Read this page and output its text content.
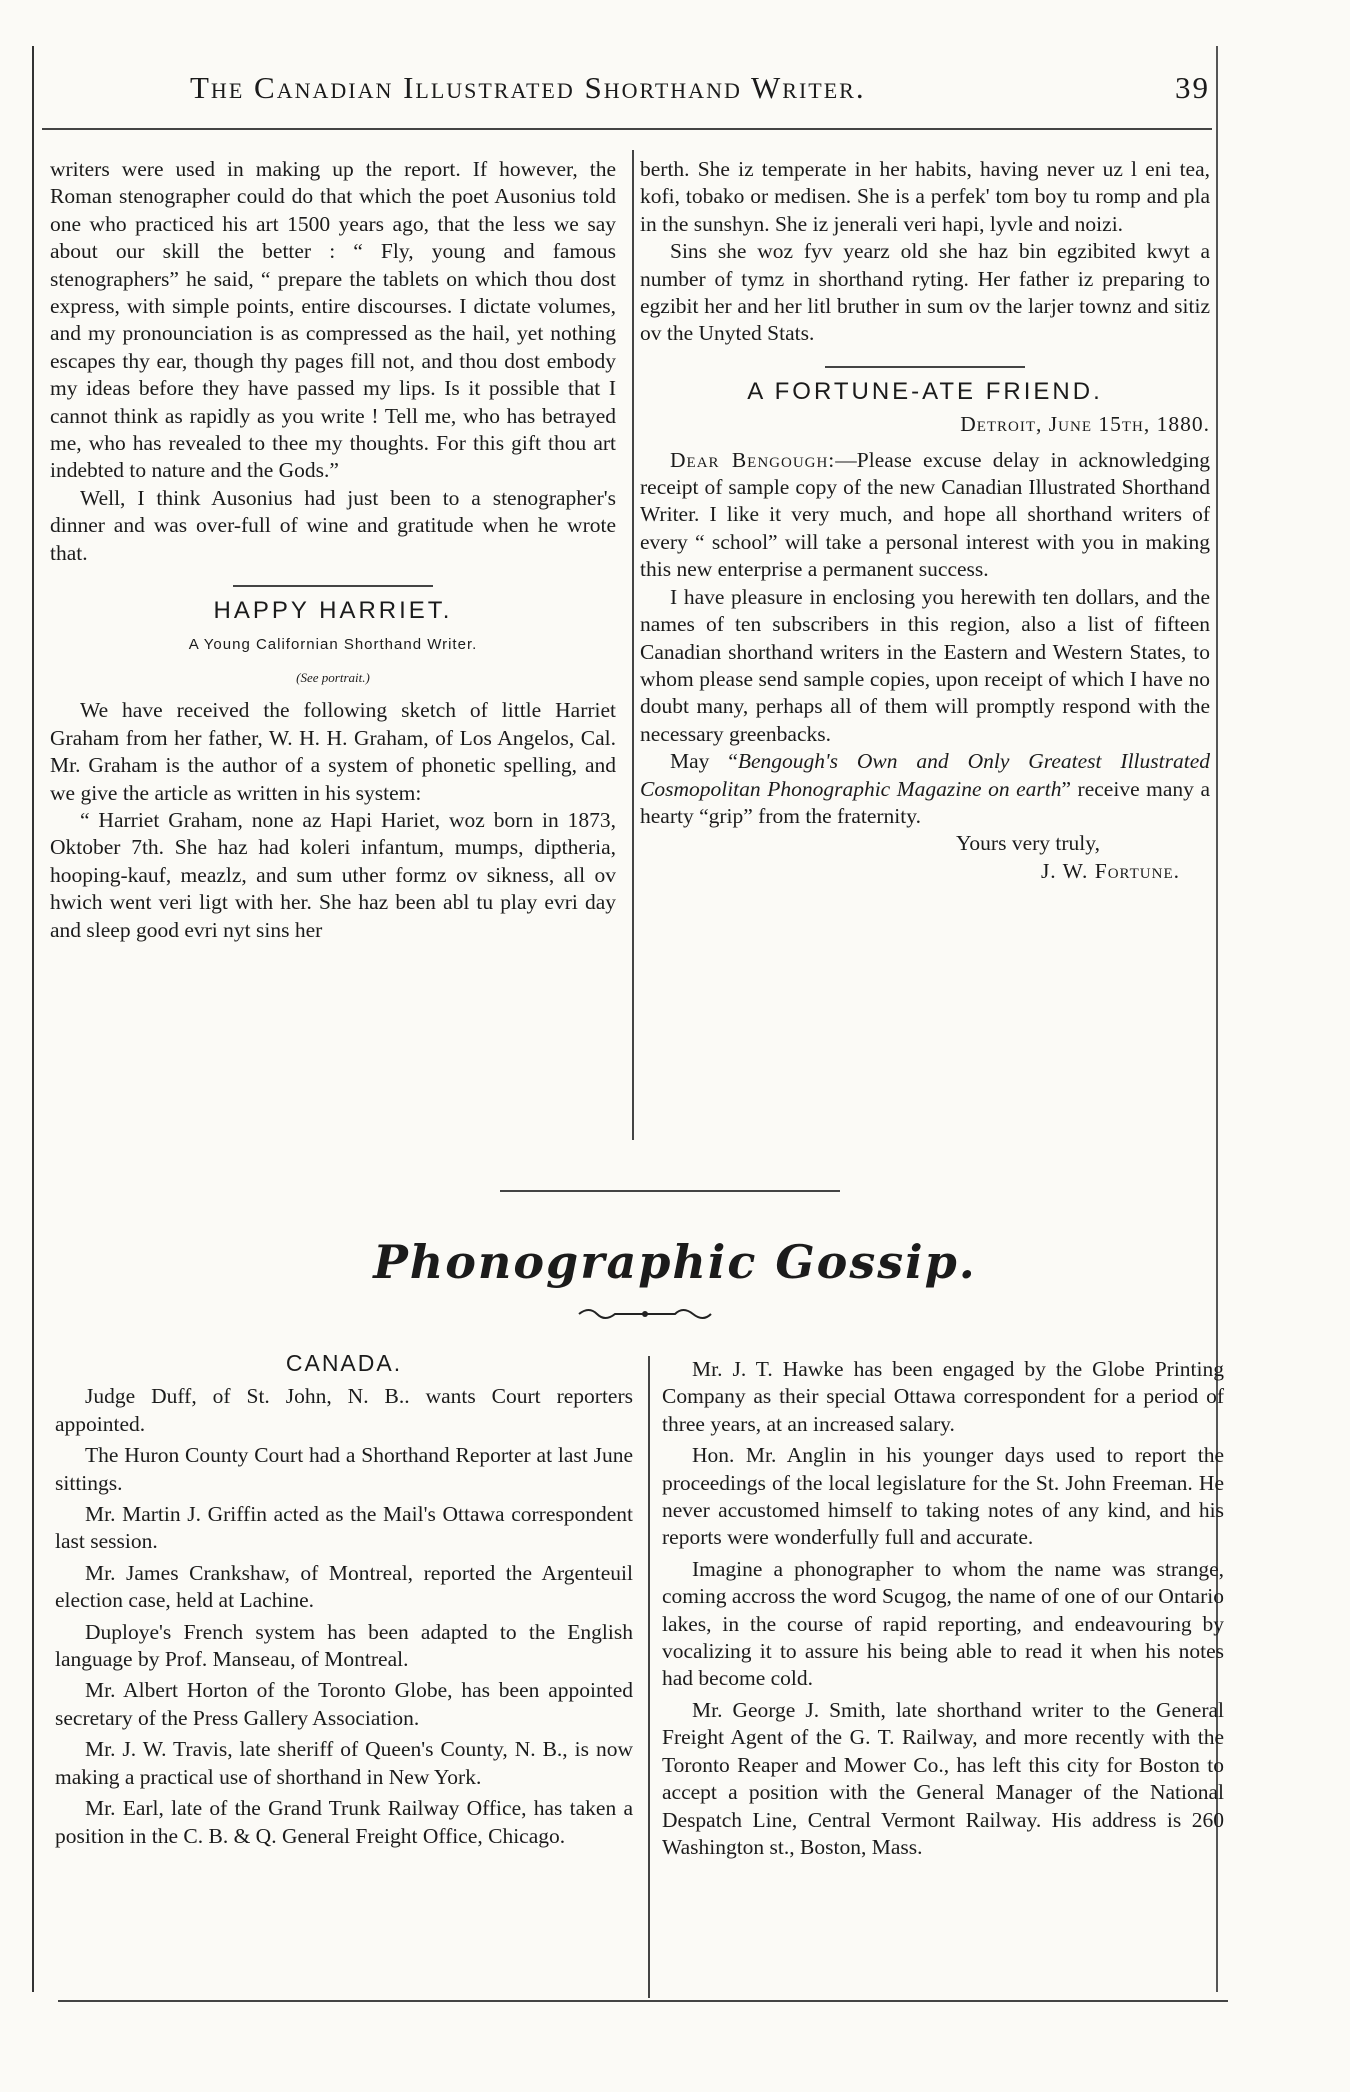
The Canadian Illustrated Shorthand Writer.	39

writers were used in making up the report. If however, the Roman stenographer could do that which the poet Ausonius told one who practiced his art 1500 years ago, that the less we say about our skill the better : “ Fly, young and famous stenographers” he said, “ prepare the tablets on which thou dost express, with simple points, entire discourses. I dictate volumes, and my pronounciation is as compressed as the hail, yet nothing escapes thy ear, though thy pages fill not, and thou dost embody my ideas before they have passed my lips. Is it possible that I cannot think as rapidly as you write ! Tell me, who has betrayed me, who has revealed to thee my thoughts. For this gift thou art indebted to nature and the Gods.”

Well, I think Ausonius had just been to a stenographer's dinner and was over-full of wine and gratitude when he wrote that.

HAPPY HARRIET.
A Young Californian Shorthand Writer.
(See portrait.)

We have received the following sketch of little Harriet Graham from her father, W. H. H. Graham, of Los Angelos, Cal. Mr. Graham is the author of a system of phonetic spelling, and we give the article as written in his system:

“ Harriet Graham, none az Hapi Hariet, woz born in 1873, Oktober 7th. She haz had koleri infantum, mumps, diptheria, hooping-kauf, meazlz, and sum uther formz ov sikness, all ov hwich went veri ligt with her. She haz been abl tu play evri day and sleep good evri nyt sins her

berth. She iz temperate in her habits, having never uz l eni tea, kofi, tobako or medisen. She is a perfek' tom boy tu romp and pla in the sunshyn. She iz jenerali veri hapi, lyvle and noizi.

Sins she woz fyv yearz old she haz bin egzibited kwyt a number of tymz in shorthand ryting. Her father iz preparing to egzibit her and her litl bruther in sum ov the larjer townz and sitiz ov the Unyted Stats.

A FORTUNE-ATE FRIEND.
Detroit, June 15th, 1880.

Dear Bengough:—Please excuse delay in acknowledging receipt of sample copy of the new Canadian Illustrated Shorthand Writer. I like it very much, and hope all shorthand writers of every “ school” will take a personal interest with you in making this new enterprise a permanent success.

I have pleasure in enclosing you herewith ten dollars, and the names of ten subscribers in this region, also a list of fifteen Canadian shorthand writers in the Eastern and Western States, to whom please send sample copies, upon receipt of which I have no doubt many, perhaps all of them will promptly respond with the necessary greenbacks.

May “Bengough's Own and Only Greatest Illustrated Cosmopolitan Phonographic Magazine on earth” receive many a hearty “grip” from the fraternity.

Yours very truly,
J. W. Fortune.
Phonographic Gossip.
CANADA.

Judge Duff, of St. John, N. B.. wants Court reporters appointed.

The Huron County Court had a Shorthand Reporter at last June sittings.

Mr. Martin J. Griffin acted as the Mail's Ottawa correspondent last session.

Mr. James Crankshaw, of Montreal, reported the Argenteuil election case, held at Lachine.

Duploye's French system has been adapted to the English language by Prof. Manseau, of Montreal.

Mr. Albert Horton of the Toronto Globe, has been appointed secretary of the Press Gallery Association.

Mr. J. W. Travis, late sheriff of Queen's County, N. B., is now making a practical use of shorthand in New York.

Mr. Earl, late of the Grand Trunk Railway Office, has taken a position in the C. B. & Q. General Freight Office, Chicago.

Mr. J. T. Hawke has been engaged by the Globe Printing Company as their special Ottawa correspondent for a period of three years, at an increased salary.

Hon. Mr. Anglin in his younger days used to report the proceedings of the local legislature for the St. John Freeman. He never accustomed himself to taking notes of any kind, and his reports were wonderfully full and accurate.

Imagine a phonographer to whom the name was strange, coming accross the word Scugog, the name of one of our Ontario lakes, in the course of rapid reporting, and endeavouring by vocalizing it to assure his being able to read it when his notes had become cold.

Mr. George J. Smith, late shorthand writer to the General Freight Agent of the G. T. Railway, and more recently with the Toronto Reaper and Mower Co., has left this city for Boston to accept a position with the General Manager of the National Despatch Line, Central Vermont Railway. His address is 260 Washington st., Boston, Mass.
